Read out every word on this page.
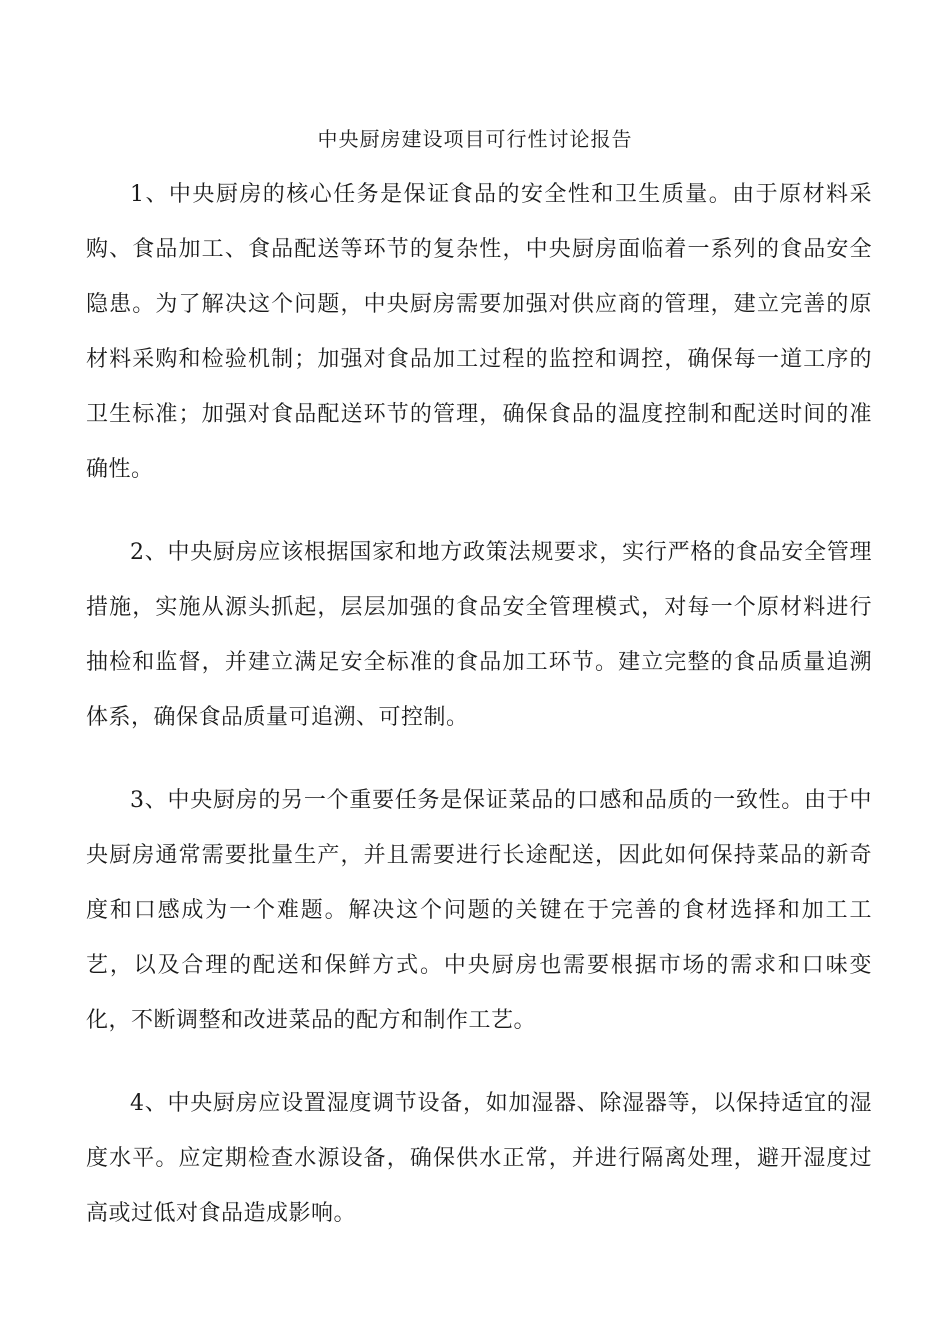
中央厨房建设项目可行性讨论报告

1、中央厨房的核心任务是保证食品的安全性和卫生质量。由于原材料采购、食品加工、食品配送等环节的复杂性，中央厨房面临着一系列的食品安全隐患。为了解决这个问题，中央厨房需要加强对供应商的管理，建立完善的原材料采购和检验机制；加强对食品加工过程的监控和调控，确保每一道工序的卫生标准；加强对食品配送环节的管理，确保食品的温度控制和配送时间的准确性。

2、中央厨房应该根据国家和地方政策法规要求，实行严格的食品安全管理措施，实施从源头抓起，层层加强的食品安全管理模式，对每一个原材料进行抽检和监督，并建立满足安全标准的食品加工环节。建立完整的食品质量追溯体系，确保食品质量可追溯、可控制。

3、中央厨房的另一个重要任务是保证菜品的口感和品质的一致性。由于中央厨房通常需要批量生产，并且需要进行长途配送，因此如何保持菜品的新奇度和口感成为一个难题。解决这个问题的关键在于完善的食材选择和加工工艺，以及合理的配送和保鲜方式。中央厨房也需要根据市场的需求和口味变化，不断调整和改进菜品的配方和制作工艺。

4、中央厨房应设置湿度调节设备，如加湿器、除湿器等，以保持适宜的湿度水平。应定期检查水源设备，确保供水正常，并进行隔离处理，避开湿度过高或过低对食品造成影响。
